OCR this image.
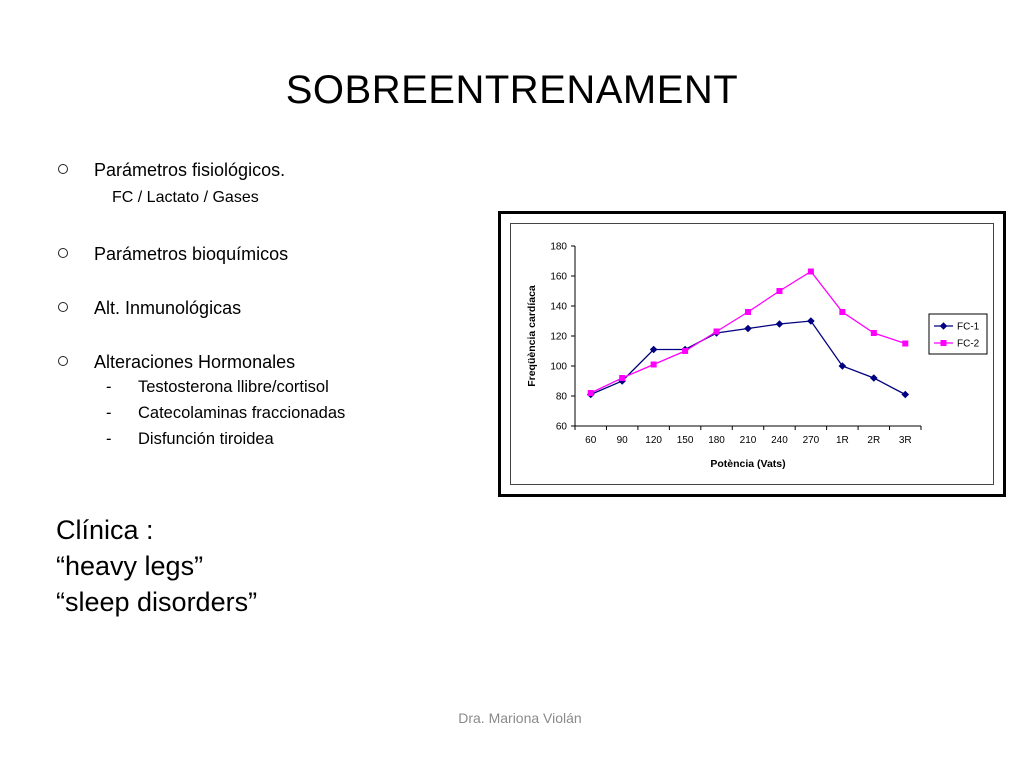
SOBREENTRENAMENT
Parámetros fisiológicos.
FC / Lactato / Gases
Parámetros bioquímicos
Alt. Inmunológicas
Alteraciones Hormonales
- Testosterona llibre/cortisol
- Catecolaminas fraccionadas
- Disfunción tiroidea
Clínica :
“heavy legs”
“sleep disorders”
60
80
100
120
140
160
180
60 90 120 150 180 210 240 270 1R 2R 3R
Potència (Vats)
Freqüència cardíaca	FC-1
FC-2
Dra. Mariona Violán
